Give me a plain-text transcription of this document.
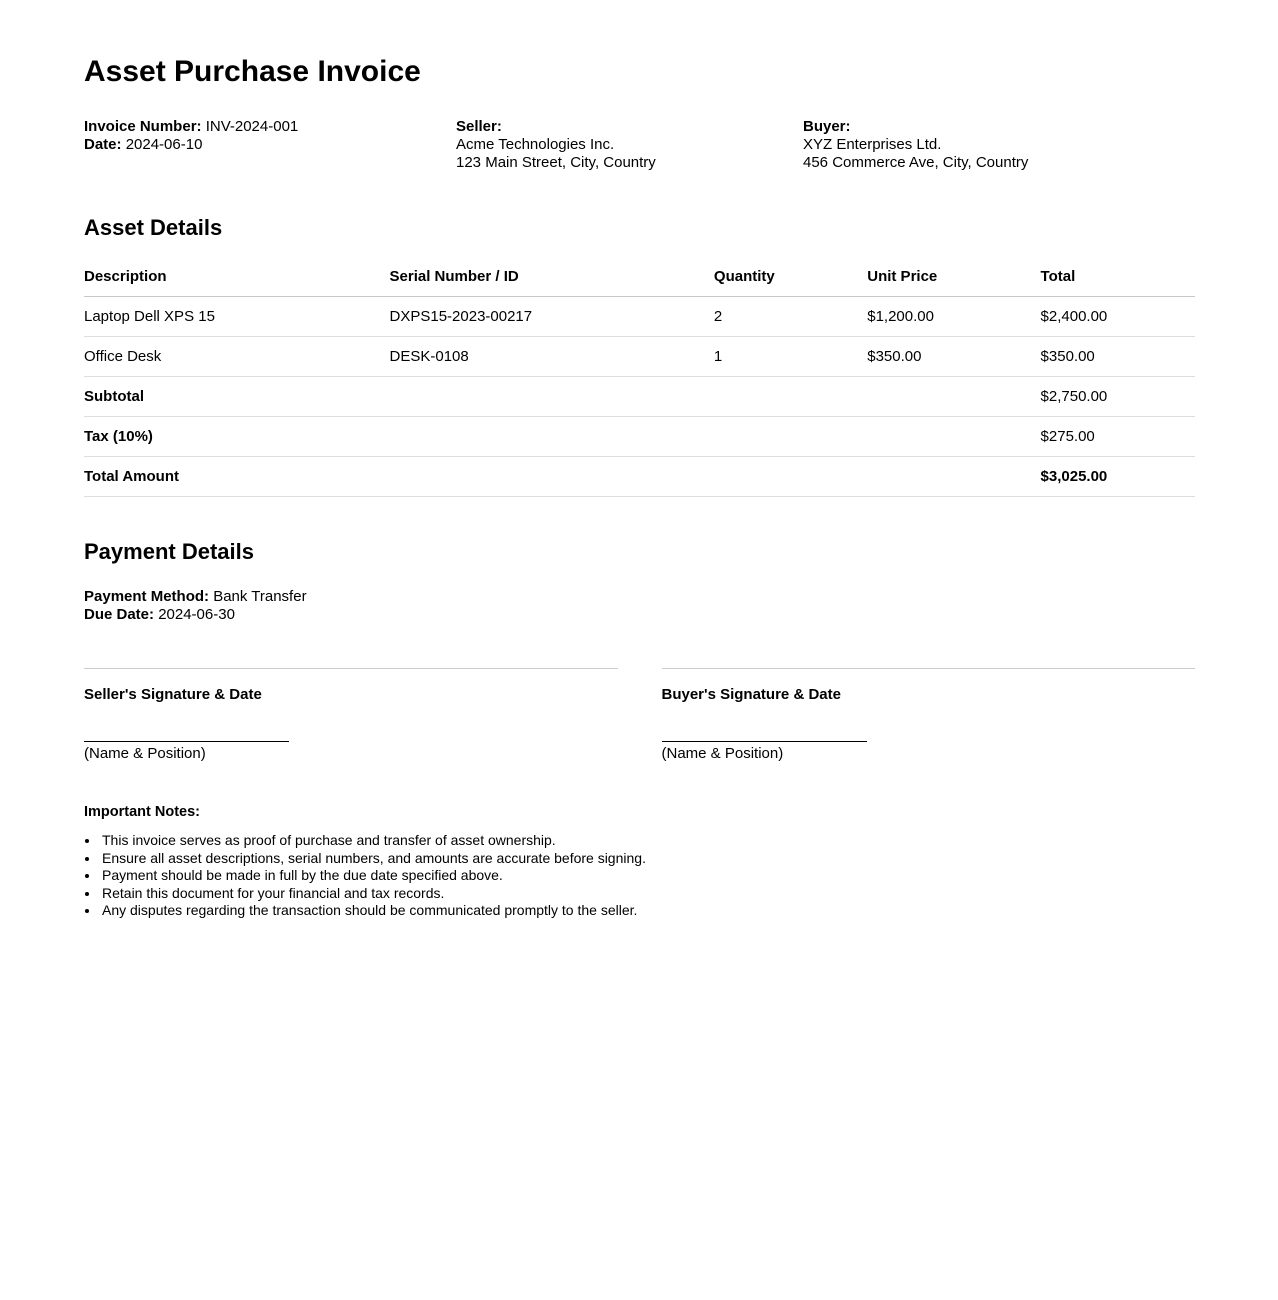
Asset Purchase Invoice
Invoice Number: INV-2024-001
Date: 2024-06-10
Seller:
Acme Technologies Inc.
123 Main Street, City, Country
Buyer:
XYZ Enterprises Ltd.
456 Commerce Ave, City, Country
Asset Details
Description	Serial Number / ID	Quantity	Unit Price	Total
Laptop Dell XPS 15	DXPS15-2023-00217	2	$1,200.00	$2,400.00
Office Desk	DESK-0108	1	$350.00	$350.00
Subtotal				$2,750.00
Tax (10%)				$275.00
Total Amount				$3,025.00
Payment Details
Payment Method: Bank Transfer
Due Date: 2024-06-30
Seller's Signature & Date
(Name & Position)
Buyer's Signature & Date
(Name & Position)
Important Notes:
• This invoice serves as proof of purchase and transfer of asset ownership.
• Ensure all asset descriptions, serial numbers, and amounts are accurate before signing.
• Payment should be made in full by the due date specified above.
• Retain this document for your financial and tax records.
• Any disputes regarding the transaction should be communicated promptly to the seller.
